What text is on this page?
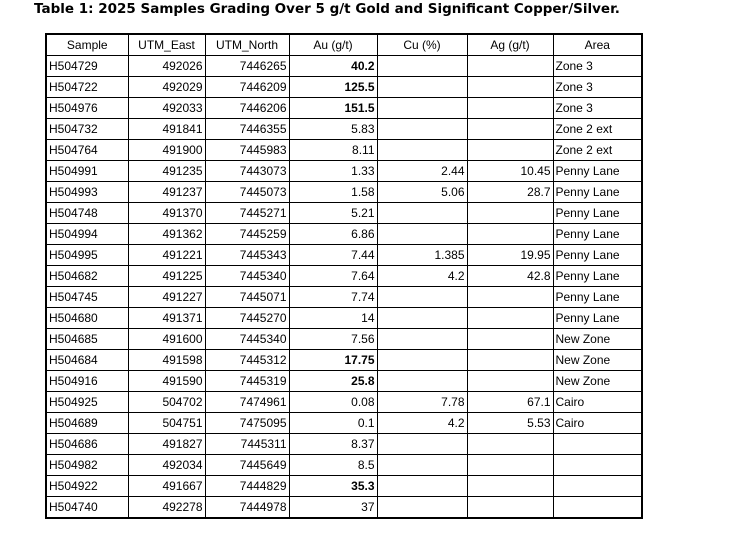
Table 1: 2025 Samples Grading Over 5 g/t Gold and Significant Copper/Silver.
Sample	UTM_East	UTM_North	Au (g/t)	Cu (%)	Ag (g/t)	Area
H504729	492026	7446265	40.2			Zone 3
H504722	492029	7446209	125.5			Zone 3
H504976	492033	7446206	151.5			Zone 3
H504732	491841	7446355	5.83			Zone 2 ext
H504764	491900	7445983	8.11			Zone 2 ext
H504991	491235	7443073	1.33	2.44	10.45	Penny Lane
H504993	491237	7445073	1.58	5.06	28.7	Penny Lane
H504748	491370	7445271	5.21			Penny Lane
H504994	491362	7445259	6.86			Penny Lane
H504995	491221	7445343	7.44	1.385	19.95	Penny Lane
H504682	491225	7445340	7.64	4.2	42.8	Penny Lane
H504745	491227	7445071	7.74			Penny Lane
H504680	491371	7445270	14			Penny Lane
H504685	491600	7445340	7.56			New Zone
H504684	491598	7445312	17.75			New Zone
H504916	491590	7445319	25.8			New Zone
H504925	504702	7474961	0.08	7.78	67.1	Cairo
H504689	504751	7475095	0.1	4.2	5.53	Cairo
H504686	491827	7445311	8.37			
H504982	492034	7445649	8.5			
H504922	491667	7444829	35.3			
H504740	492278	7444978	37			
